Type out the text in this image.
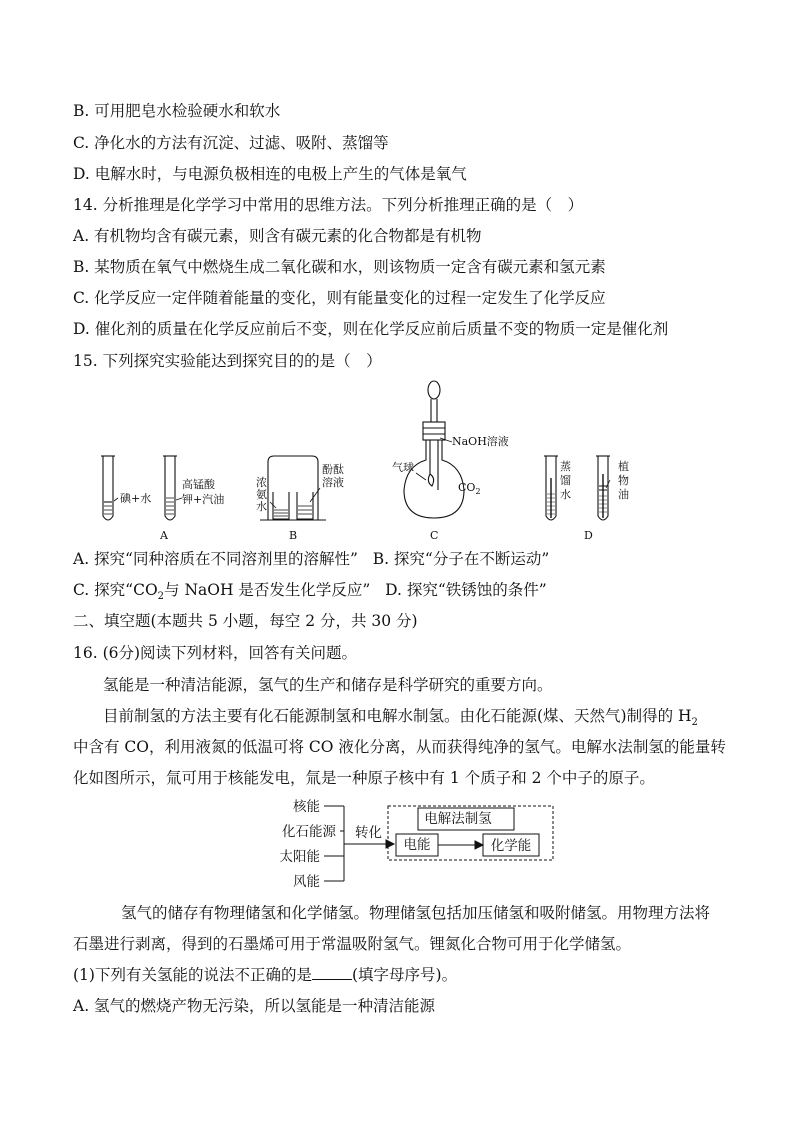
B. 可用肥皂水检验硬水和软水
C. 净化水的方法有沉淀、过滤、吸附、蒸馏等
D. 电解水时，与电源负极相连的电极上产生的气体是氧气
14. 分析推理是化学学习中常用的思维方法。下列分析推理正确的是（　）
A. 有机物均含有碳元素，则含有碳元素的化合物都是有机物
B. 某物质在氧气中燃烧生成二氧化碳和水，则该物质一定含有碳元素和氢元素
C. 化学反应一定伴随着能量的变化，则有能量变化的过程一定发生了化学反应
D. 催化剂的质量在化学反应前后不变，则在化学反应前后质量不变的物质一定是催化剂
15. 下列探究实验能达到探究目的的是（　）
碘+水
高锰酸
钾+汽油
浓
氨
水
酚酞
溶液
NaOH溶液
气球
$CO_2$
蒸
馏
水
植
物
油
A	B	C	D
A. 探究“同种溶质在不同溶剂里的溶解性” B. 探究“分子在不断运动”
C. 探究“$CO_2$与 NaOH 是否发生化学反应” D. 探究“铁锈蚀的条件”
二、填空题(本题共 5 小题，每空 2 分，共 30 分)
16. (6分)阅读下列材料，回答有关问题。
氢能是一种清洁能源，氢气的生产和储存是科学研究的重要方向。
目前制氢的方法主要有化石能源制氢和电解水制氢。由化石能源(煤、天然气)制得的 $H_2$
中含有 CO，利用液氮的低温可将 CO 液化分离，从而获得纯净的氢气。电解水法制氢的能量转
化如图所示，氚可用于核能发电，氚是一种原子核中有 1 个质子和 2 个中子的原子。
核能
化石能源
太阳能
风能
转化
电解法制氢
电能	化学能
氢气的储存有物理储氢和化学储氢。物理储氢包括加压储氢和吸附储氢。用物理方法将
石墨进行剥离，得到的石墨烯可用于常温吸附氢气。锂氮化合物可用于化学储氢。
(1)下列有关氢能的说法不正确的是	(填字母序号)。
A. 氢气的燃烧产物无污染，所以氢能是一种清洁能源
